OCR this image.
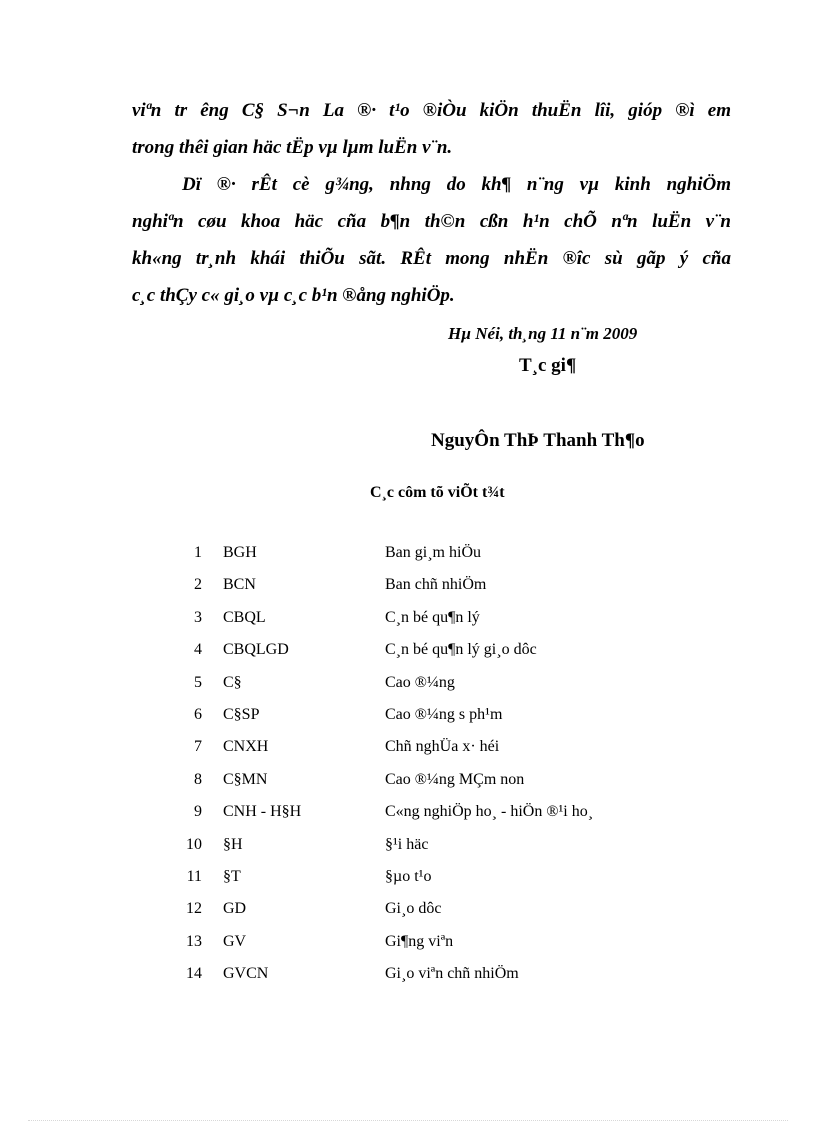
viªn tr êng C§ S¬n La ®· t¹o ®iÒu kiÖn thuËn lîi, gióp ®ì em

trong thêi gian häc tËp vµ lµm luËn v¨n.

Dï ®· rÊt cè g¾ng, nhng do kh¶ n¨ng vµ kinh nghiÖm

nghiªn cøu khoa häc cña b¶n th©n cßn h¹n chÕ nªn luËn v¨n

kh«ng tr¸nh khái thiÕu sãt. RÊt mong nhËn ®îc sù gãp ý cña

c¸c thÇy c« gi¸o vµ c¸c b¹n ®ång nghiÖp.

Hµ Néi, th¸ng 11 n¨m 2009
T¸c gi¶
NguyÔn ThÞ Thanh Th¶o
C¸c côm tõ viÕt t¾t
1 BGH	Ban gi¸m hiÖu
2 BCN	Ban chñ nhiÖm
3 CBQL	C¸n bé qu¶n lý
4 CBQLGD	C¸n bé qu¶n lý gi¸o dôc
5 C§	Cao ®¼ng
6 C§SP	Cao ®¼ng s ph¹m
7 CNXH	Chñ nghÜa x· héi
8 C§MN	Cao ®¼ng MÇm non
9 CNH - H§H	C«ng nghiÖp ho¸ - hiÖn ®¹i ho¸
10 §H	§¹i häc
11 §T	§µo t¹o
12 GD	Gi¸o dôc
13 GV	Gi¶ng viªn
14 GVCN	Gi¸o viªn chñ nhiÖm
